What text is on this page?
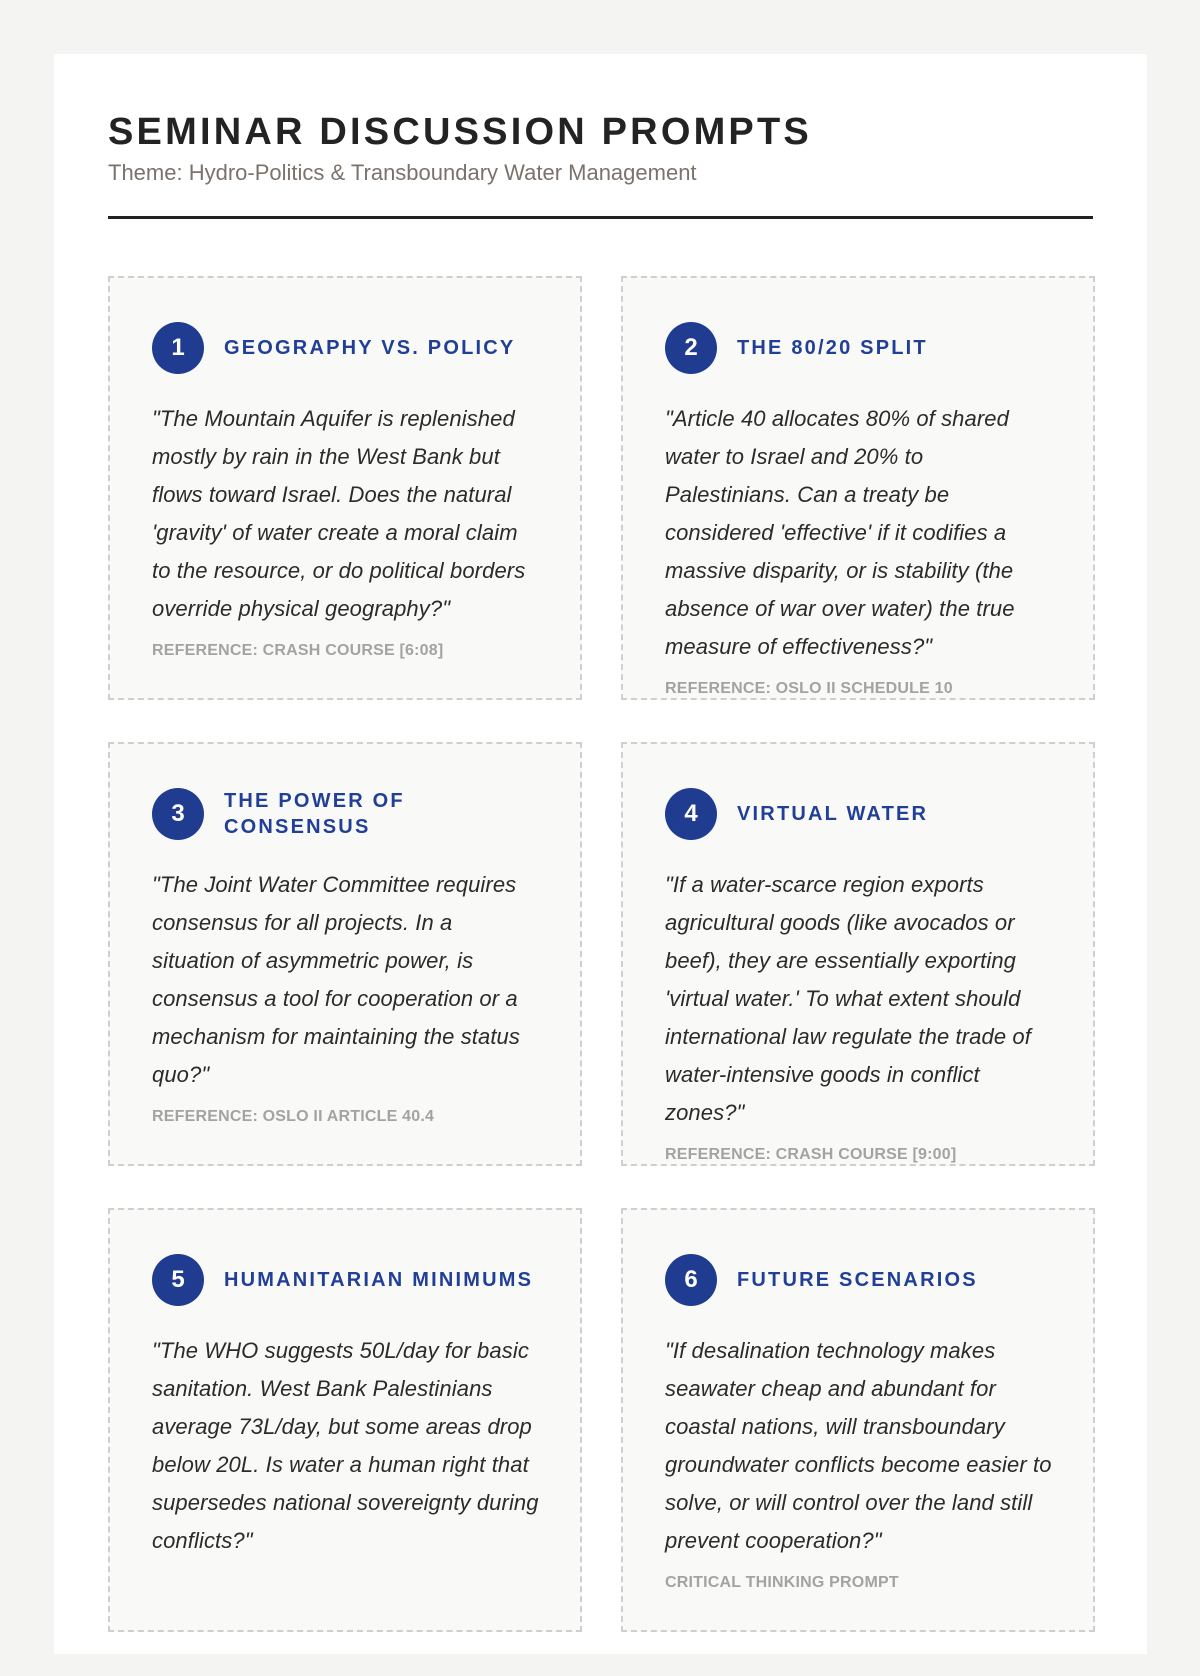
SEMINAR DISCUSSION PROMPTS
Theme: Hydro-Politics & Transboundary Water Management
1	GEOGRAPHY VS. POLICY
"The Mountain Aquifer is replenished mostly by rain in the West Bank but flows toward Israel. Does the natural 'gravity' of water create a moral claim to the resource, or do political borders override physical geography?"
REFERENCE: CRASH COURSE [6:08]
2	THE 80/20 SPLIT
"Article 40 allocates 80% of shared water to Israel and 20% to Palestinians. Can a treaty be considered 'effective' if it codifies a massive disparity, or is stability (the absence of war over water) the true measure of effectiveness?"
REFERENCE: OSLO II SCHEDULE 10
3	THE POWER OF CONSENSUS
"The Joint Water Committee requires consensus for all projects. In a situation of asymmetric power, is consensus a tool for cooperation or a mechanism for maintaining the status quo?"
REFERENCE: OSLO II ARTICLE 40.4
4	VIRTUAL WATER
"If a water-scarce region exports agricultural goods (like avocados or beef), they are essentially exporting 'virtual water.' To what extent should international law regulate the trade of water-intensive goods in conflict zones?"
REFERENCE: CRASH COURSE [9:00]
5	HUMANITARIAN MINIMUMS
"The WHO suggests 50L/day for basic sanitation. West Bank Palestinians average 73L/day, but some areas drop below 20L. Is water a human right that supersedes national sovereignty during conflicts?"
6	FUTURE SCENARIOS
"If desalination technology makes seawater cheap and abundant for coastal nations, will transboundary groundwater conflicts become easier to solve, or will control over the land still prevent cooperation?"
CRITICAL THINKING PROMPT
